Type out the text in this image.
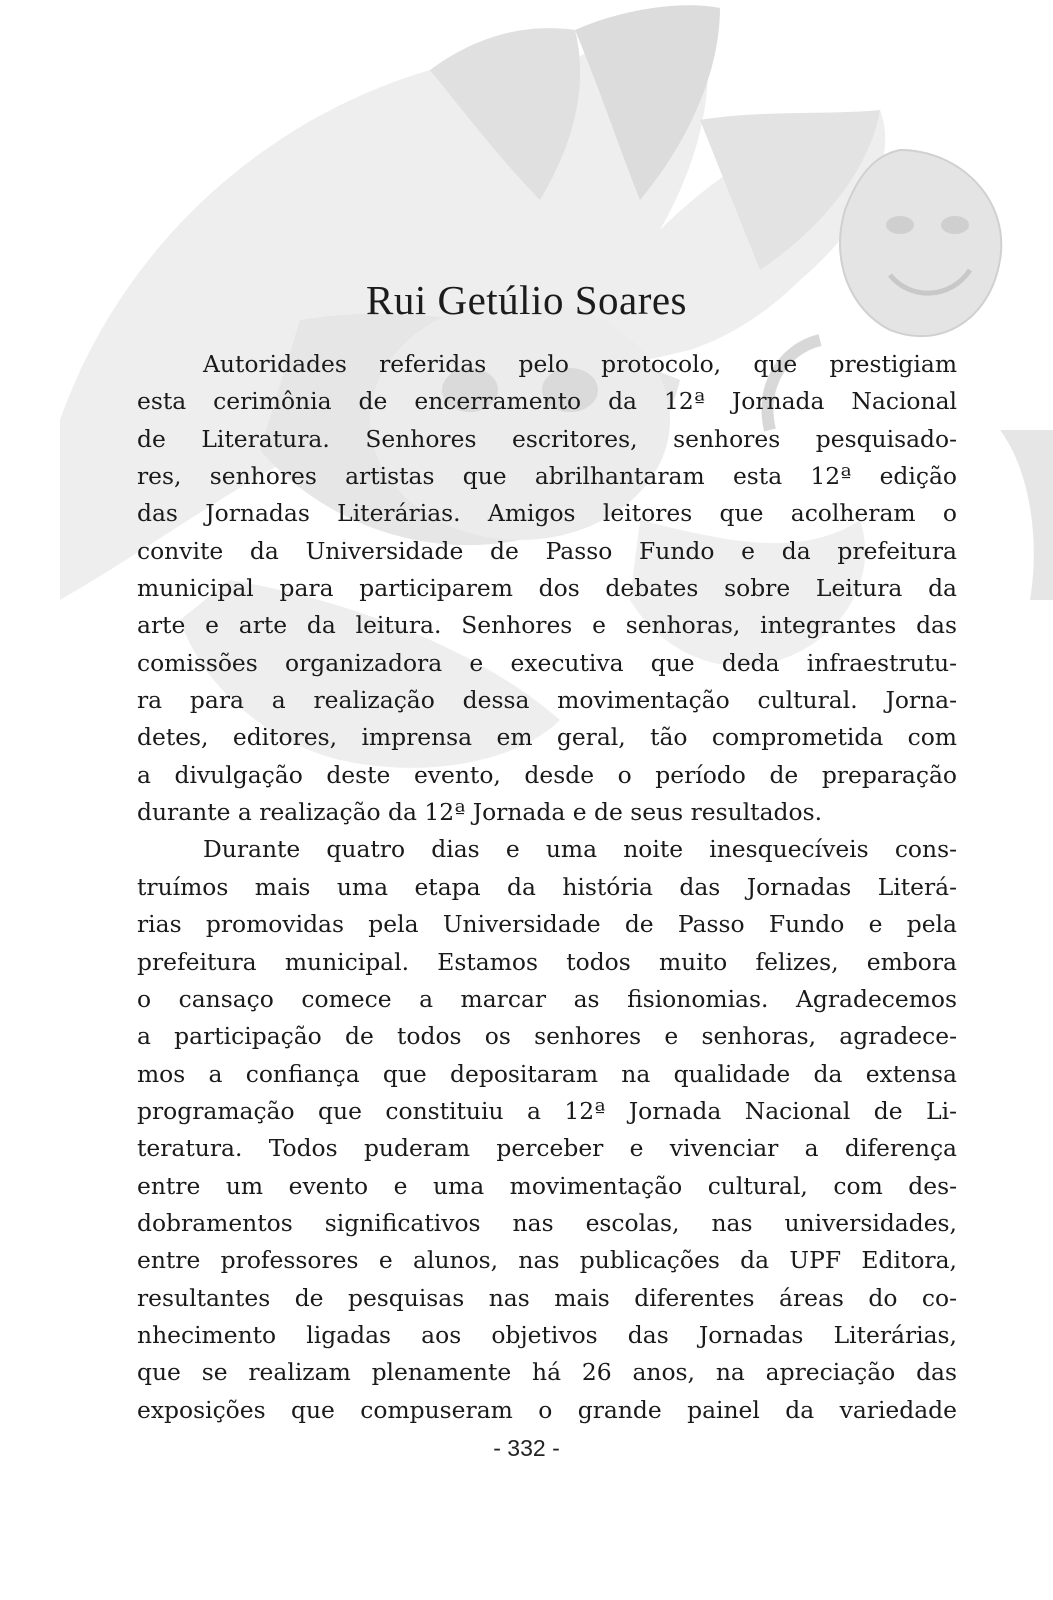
Rui Getúlio Soares
Autoridades referidas pelo protocolo, que prestigiam
esta cerimônia de encerramento da 12ª Jornada Nacional
de Literatura. Senhores escritores, senhores pesquisado-
res, senhores artistas que abrilhantaram esta 12ª edição
das Jornadas Literárias. Amigos leitores que acolheram o
convite da Universidade de Passo Fundo e da prefeitura
municipal para participarem dos debates sobre Leitura da
arte e arte da leitura. Senhores e senhoras, integrantes das
comissões organizadora e executiva que deda infraestrutu-
ra para a realização dessa movimentação cultural. Jorna-
detes, editores, imprensa em geral, tão comprometida com
a divulgação deste evento, desde o período de preparação
durante a realização da 12ª Jornada e de seus resultados.
Durante quatro dias e uma noite inesquecíveis cons-
truímos mais uma etapa da história das Jornadas Literá-
rias promovidas pela Universidade de Passo Fundo e pela
prefeitura municipal. Estamos todos muito felizes, embora
o cansaço comece a marcar as fisionomias. Agradecemos
a participação de todos os senhores e senhoras, agradece-
mos a confiança que depositaram na qualidade da extensa
programação que constituiu a 12ª Jornada Nacional de Li-
teratura. Todos puderam perceber e vivenciar a diferença
entre um evento e uma movimentação cultural, com des-
dobramentos significativos nas escolas, nas universidades,
entre professores e alunos, nas publicações da UPF Editora,
resultantes de pesquisas nas mais diferentes áreas do co-
nhecimento ligadas aos objetivos das Jornadas Literárias,
que se realizam plenamente há 26 anos, na apreciação das
exposições que compuseram o grande painel da variedade
- 332 -
